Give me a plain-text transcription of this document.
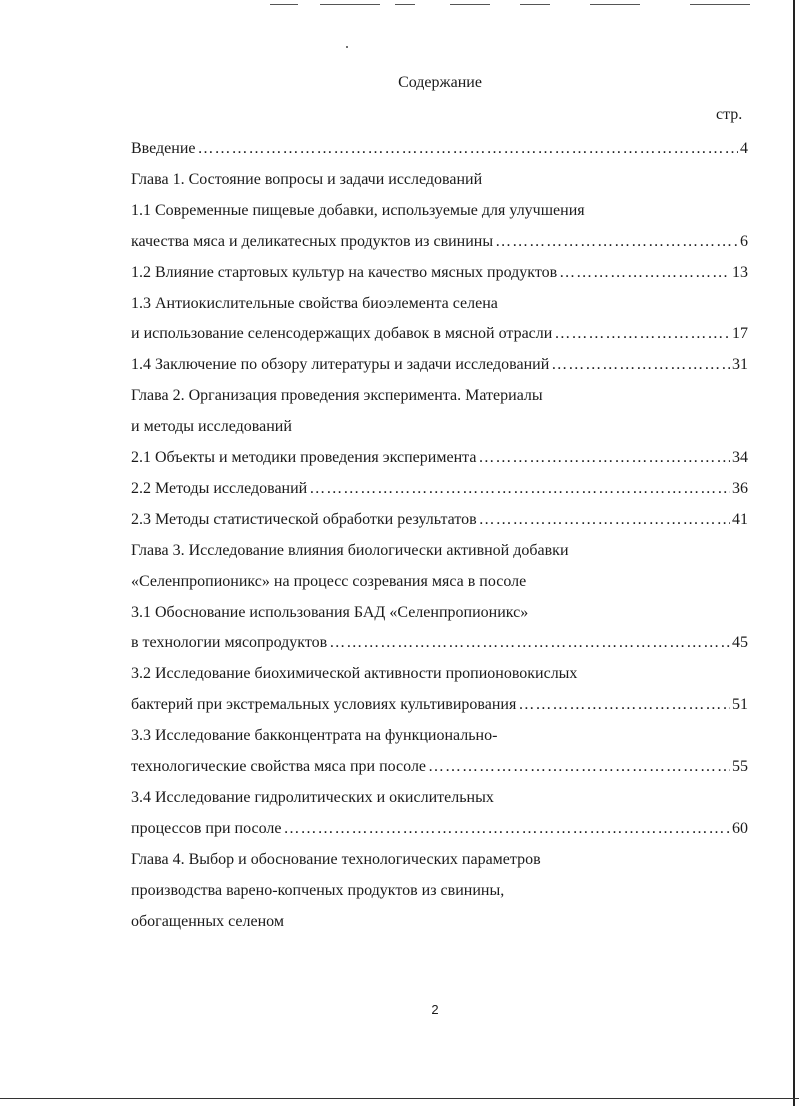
Содержание
стр.
Введение …………………………………………………………………………………………………………………………………………………………………………………………	4
Глава 1. Состояние вопросы и задачи исследований
1.1 Современные пищевые добавки, используемые для улучшения
качества мяса и деликатесных продуктов из свинины …………………………………………………………………………………………………………………………………………………………………………………………	6
1.2 Влияние стартовых культур на качество мясных продуктов …………………………………………………………………………………………………………………………………………………………………………………………	13
1.3 Антиокислительные свойства биоэлемента селена
и использование селенсодержащих добавок в мясной отрасли …………………………………………………………………………………………………………………………………………………………………………………………	17
1.4 Заключение по обзору литературы и задачи исследований …………………………………………………………………………………………………………………………………………………………………………………………	31
Глава 2. Организация проведения эксперимента. Материалы
и методы исследований
2.1 Объекты и методики проведения эксперимента …………………………………………………………………………………………………………………………………………………………………………………………	34
2.2 Методы исследований …………………………………………………………………………………………………………………………………………………………………………………………	36
2.3 Методы статистической обработки результатов …………………………………………………………………………………………………………………………………………………………………………………………	41
Глава 3. Исследование влияния биологически активной добавки
«Селенпропионикс» на процесс созревания мяса в посоле
3.1 Обоснование использования БАД «Селенпропионикс»
в технологии мясопродуктов …………………………………………………………………………………………………………………………………………………………………………………………	45
3.2 Исследование биохимической активности пропионовокислых
бактерий при экстремальных условиях культивирования …………………………………………………………………………………………………………………………………………………………………………………………	51
3.3 Исследование бакконцентрата на функционально-
технологические свойства мяса при посоле …………………………………………………………………………………………………………………………………………………………………………………………	55
3.4 Исследование гидролитических и окислительных
процессов при посоле …………………………………………………………………………………………………………………………………………………………………………………………	60
Глава 4. Выбор и обоснование технологических параметров
производства варено-копченых продуктов из свинины,
обогащенных селеном
2
